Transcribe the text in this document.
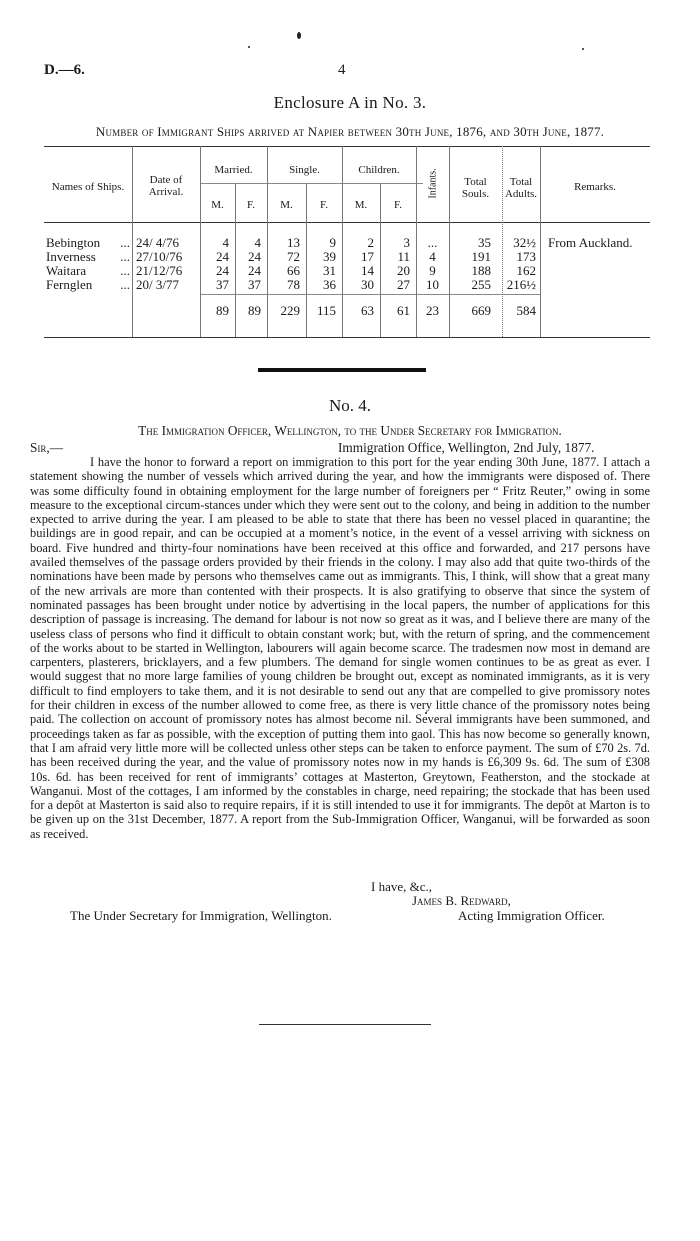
D.—6.	4
Enclosure A in No. 3.
Number of Immigrant Ships arrived at Napier between 30th June, 1876, and 30th June, 1877.
Names of Ships.
Date of
Arrival.
Married.	Single.	Children.
M.	F.	M.	F.	M.	F.
Infants.	Total
Souls.
Total
Adults.
Remarks.
Bebington	... 24/ 4/76	4	4	13	9	2	3	...	35	32½ From Auckland.
Inverness	... 27/10/76	24	24	72	39	17	11	4	191	173
Waitara	... 21/12/76	24	24	66	31	14	20	9	188	162
Fernglen	... 20/ 3/77	37	37	78	36	30	27	10	255	216½
89	89	229	115	63	61	23	669	584
No. 4.
The Immigration Officer, Wellington, to the Under Secretary for Immigration.
Sir,—	Immigration Office, Wellington, 2nd July, 1877.

I have the honor to forward a report on immigration to this port for the year ending 30th June, 1877. I attach a statement showing the number of vessels which arrived during the year, and how the immigrants were disposed of. There was some difficulty found in obtaining employment for the large number of foreigners per “ Fritz Reuter,” owing in some measure to the exceptional circum-stances under which they were sent out to the colony, and being in addition to the number expected to arrive during the year. I am pleased to be able to state that there has been no vessel placed in quarantine; the buildings are in good repair, and can be occupied at a moment’s notice, in the event of a vessel arriving with sickness on board. Five hundred and thirty-four nominations have been received at this office and forwarded, and 217 persons have availed themselves of the passage orders provided by their friends in the colony. I may also add that quite two-thirds of the nominations have been made by persons who themselves came out as immigrants. This, I think, will show that a great many of the new arrivals are more than contented with their prospects. It is also gratifying to observe that since the system of nominated passages has been brought under notice by advertising in the local papers, the number of applications for this description of passage is increasing. The demand for labour is not now so great as it was, and I believe there are many of the useless class of persons who find it difficult to obtain constant work; but, with the return of spring, and the commencement of the works about to be started in Wellington, labourers will again become scarce. The tradesmen now most in demand are carpenters, plasterers, bricklayers, and a few plumbers. The demand for single women continues to be as great as ever. I would suggest that no more large families of young children be brought out, except as nominated immigrants, as it is very difficult to find employers to take them, and it is not desirable to send out any that are compelled to give promissory notes for their children in excess of the number allowed to come free, as there is very little chance of the promissory notes being paid. The collection on account of promissory notes has almost become nil. Several immigrants have been summoned, and proceedings taken as far as possible, with the exception of putting them into gaol. This has now become so generally known, that I am afraid very little more will be collected unless other steps can be taken to enforce payment. The sum of £70 2s. 7d. has been received during the year, and the value of promissory notes now in my hands is £6,309 9s. 6d. The sum of £308 10s. 6d. has been received for rent of immigrants’ cottages at Masterton, Greytown, Featherston, and the stockade at Wanganui. Most of the cottages, I am informed by the constables in charge, need repairing; the stockade that has been used for a depôt at Masterton is said also to require repairs, if it is still intended to use it for immigrants. The depôt at Marton is to be given up on the 31st December, 1877. A report from the Sub-Immigration Officer, Wanganui, will be forwarded as soon as received.

I have, &c.,
James B. Redward,
The Under Secretary for Immigration, Wellington.	Acting Immigration Officer.
